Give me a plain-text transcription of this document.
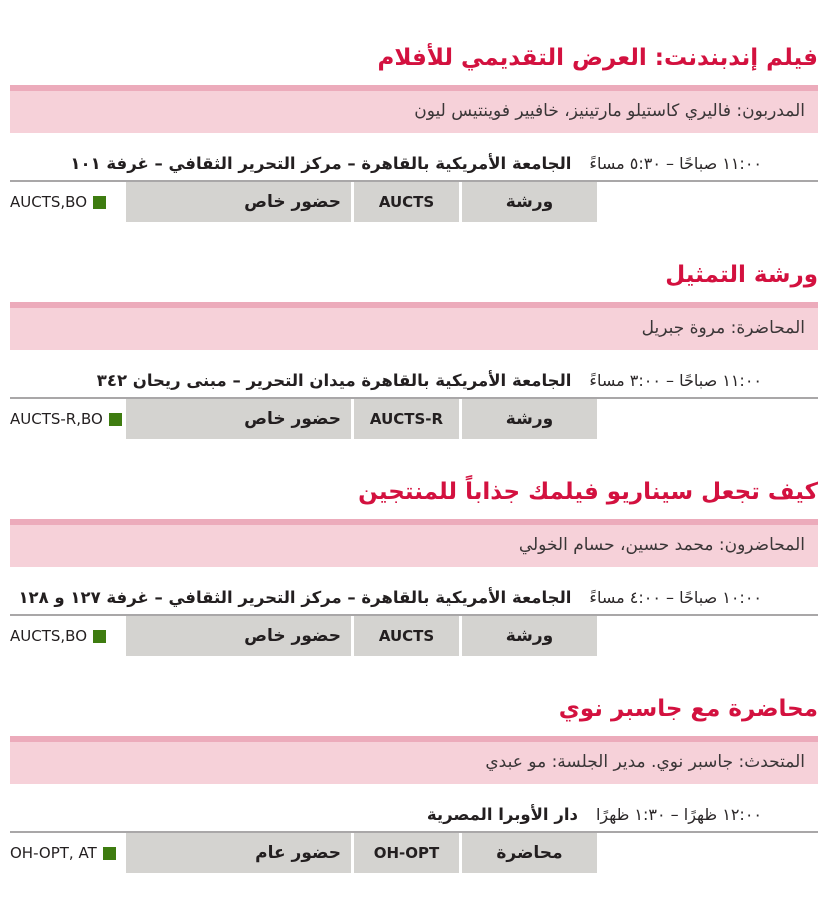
فيلم إندبندنت: العرض التقديمي للأفلام
المدربون: فاليري كاستيلو مارتينيز، خافيير فوينتيس ليون
١١:٠٠ صباحًا – ٥:٣٠ مساءً
الجامعة الأمريكية بالقاهرة – مركز التحرير الثقافي – غرفة ١٠١
ورشة
AUCTS
حضور خاص
AUCTS,BO
ورشة التمثيل
المحاضرة: مروة جبريل
١١:٠٠ صباحًا – ٣:٠٠ مساءً
الجامعة الأمريكية بالقاهرة ميدان التحرير – مبنى ريحان ٣٤٢
ورشة
AUCTS-R
حضور خاص
AUCTS-R,BO
كيف تجعل سيناريو فيلمك جذاباً للمنتجين
المحاضرون: محمد حسين، حسام الخولي
١٠:٠٠ صباحًا – ٤:٠٠ مساءً
الجامعة الأمريكية بالقاهرة – مركز التحرير الثقافي – غرفة ١٢٧ و ١٢٨
ورشة
AUCTS
حضور خاص
AUCTS,BO
محاضرة مع جاسبر نوي
المتحدث: جاسبر نوي. مدير الجلسة: مو عبدي
١٢:٠٠ ظهرًا – ١:٣٠ ظهرًا
دار الأوبرا المصرية
محاضرة
OH-OPT
حضور عام
OH-OPT, AT
